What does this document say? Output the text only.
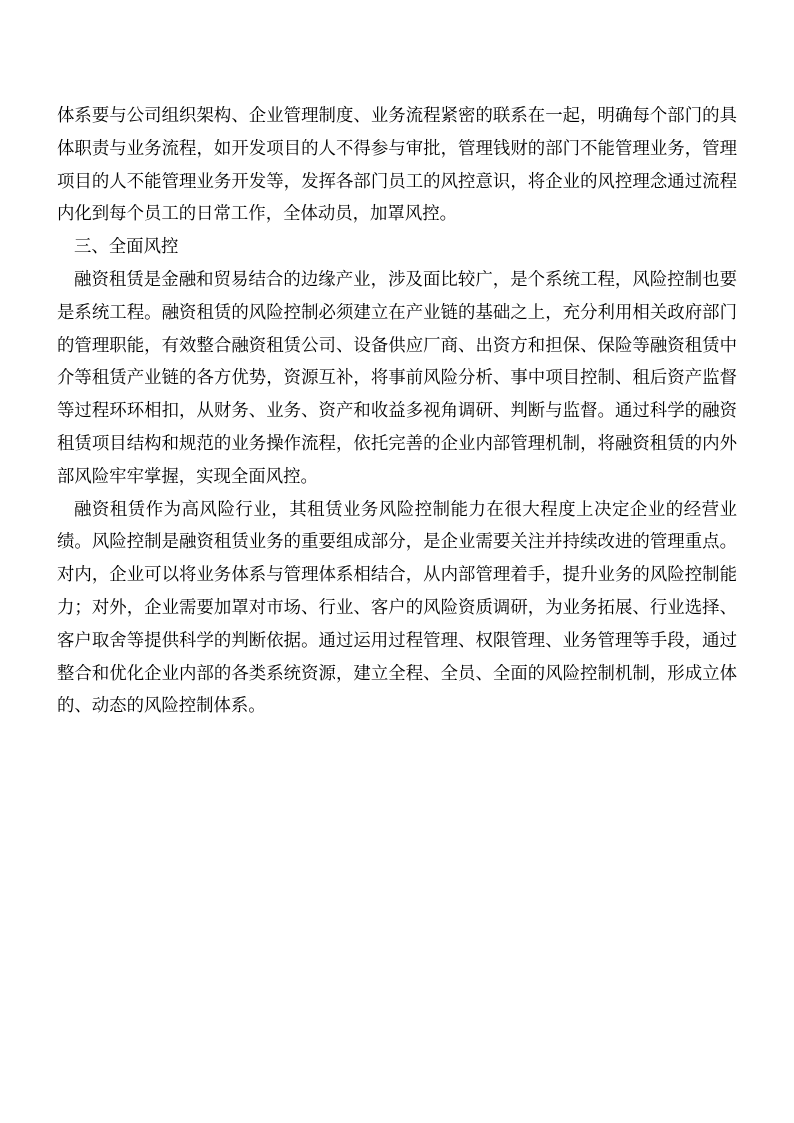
体系要与公司组织架构、企业管理制度、业务流程紧密的联系在一起，明确每个部门的具体职责与业务流程，如开发项目的人不得参与审批，管理钱财的部门不能管理业务，管理项目的人不能管理业务开发等，发挥各部门员工的风控意识，将企业的风控理念通过流程内化到每个员工的日常工作，全体动员，加罩风控。

三、全面风控

融资租赁是金融和贸易结合的边缘产业，涉及面比较广，是个系统工程，风险控制也要是系统工程。融资租赁的风险控制必须建立在产业链的基础之上，充分利用相关政府部门的管理职能，有效整合融资租赁公司、设备供应厂商、出资方和担保、保险等融资租赁中介等租赁产业链的各方优势，资源互补，将事前风险分析、事中项目控制、租后资产监督等过程环环相扣，从财务、业务、资产和收益多视角调研、判断与监督。通过科学的融资租赁项目结构和规范的业务操作流程，依托完善的企业内部管理机制，将融资租赁的内外部风险牢牢掌握，实现全面风控。

融资租赁作为高风险行业，其租赁业务风险控制能力在很大程度上决定企业的经营业绩。风险控制是融资租赁业务的重要组成部分，是企业需要关注并持续改进的管理重点。对内，企业可以将业务体系与管理体系相结合，从内部管理着手，提升业务的风险控制能力；对外，企业需要加罩对市场、行业、客户的风险资质调研，为业务拓展、行业选择、客户取舍等提供科学的判断依据。通过运用过程管理、权限管理、业务管理等手段，通过整合和优化企业内部的各类系统资源，建立全程、全员、全面的风险控制机制，形成立体的、动态的风险控制体系。
